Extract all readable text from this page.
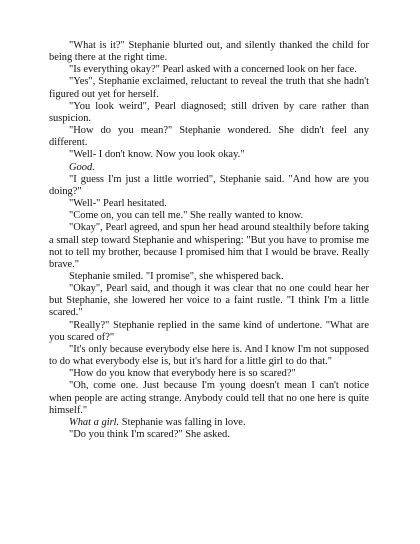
"What is it?" Stephanie blurted out, and silently thanked the child for being there at the right time.

"Is everything okay?" Pearl asked with a concerned look on her face.

"Yes", Stephanie exclaimed, reluctant to reveal the truth that she hadn't figured out yet for herself.

"You look weird", Pearl diagnosed; still driven by care rather than suspicion.

"How do you mean?" Stephanie wondered. She didn't feel any different.

"Well- I don't know. Now you look okay."

Good.

"I guess I'm just a little worried", Stephanie said. "And how are you doing?"

"Well-" Pearl hesitated.

"Come on, you can tell me." She really wanted to know.

"Okay", Pearl agreed, and spun her head around stealthily before taking a small step toward Stephanie and whispering: "But you have to promise me not to tell my brother, because I promised him that I would be brave. Really brave."

Stephanie smiled. "I promise", she whispered back.

"Okay", Pearl said, and though it was clear that no one could hear her but Stephanie, she lowered her voice to a faint rustle. "I think I'm a little scared."

"Really?" Stephanie replied in the same kind of undertone. "What are you scared of?"

"It's only because everybody else here is. And I know I'm not supposed to do what everybody else is, but it's hard for a little girl to do that."

"How do you know that everybody here is so scared?"

"Oh, come one. Just because I'm young doesn't mean I can't notice when people are acting strange. Anybody could tell that no one here is quite himself."

What a girl. Stephanie was falling in love.

"Do you think I'm scared?" She asked.
